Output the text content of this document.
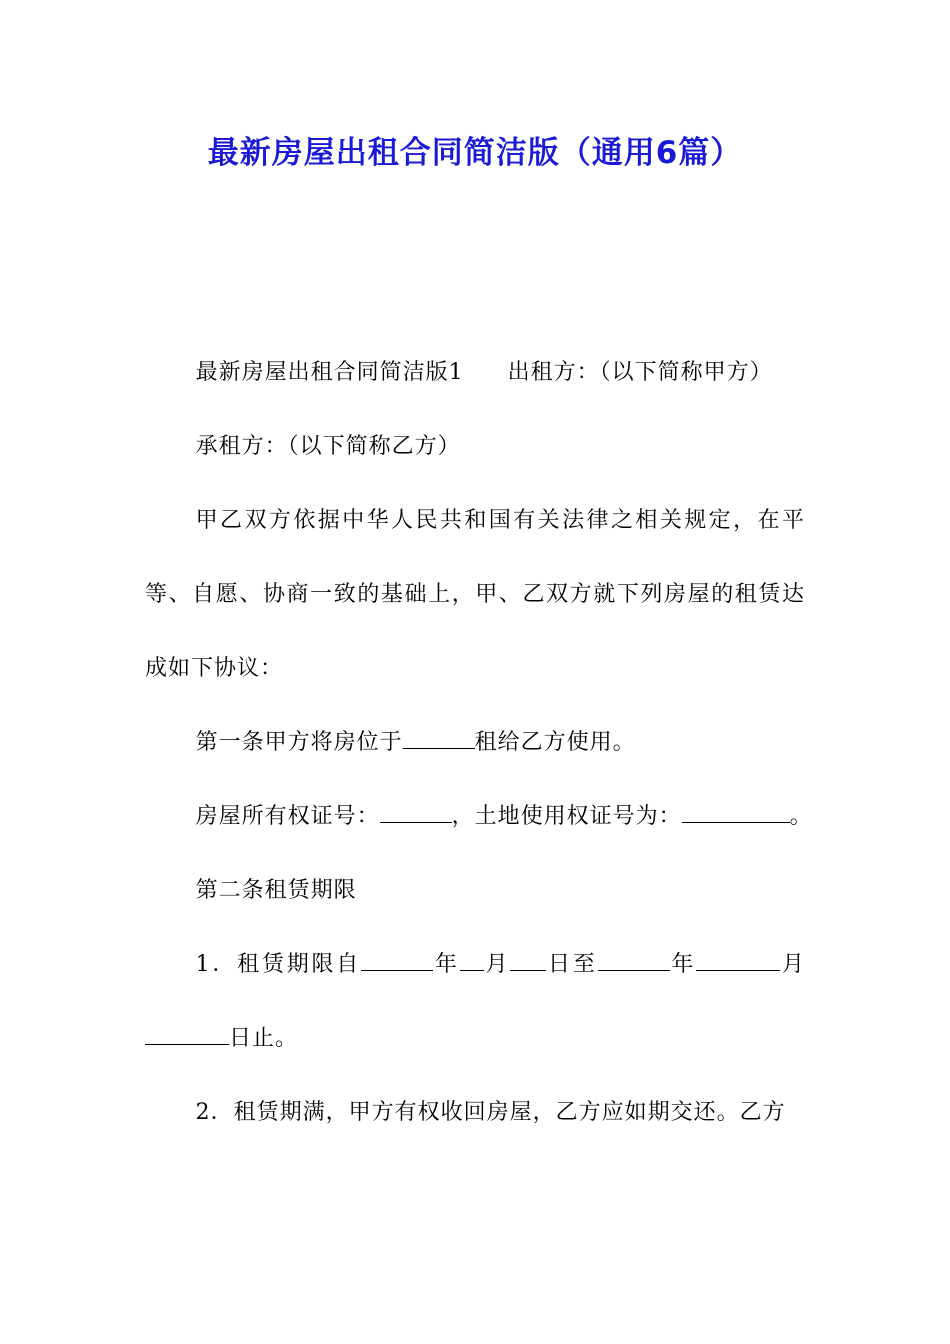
最新房屋出租合同简洁版（通用6篇）

最新房屋出租合同简洁版1 出租方：（以下简称甲方）

承租方：（以下简称乙方）

甲乙双方依据中华人民共和国有关法律之相关规定，在平等、自愿、协商一致的基础上，甲、乙双方就下列房屋的租赁达成如下协议：

第一条甲方将房位于	租给乙方使用。

房屋所有权证号：	，土地使用权证号为：	。

第二条租赁期限

1．租赁期限自	年 月 日至	年	月日止。

2．租赁期满，甲方有权收回房屋，乙方应如期交还。乙方
